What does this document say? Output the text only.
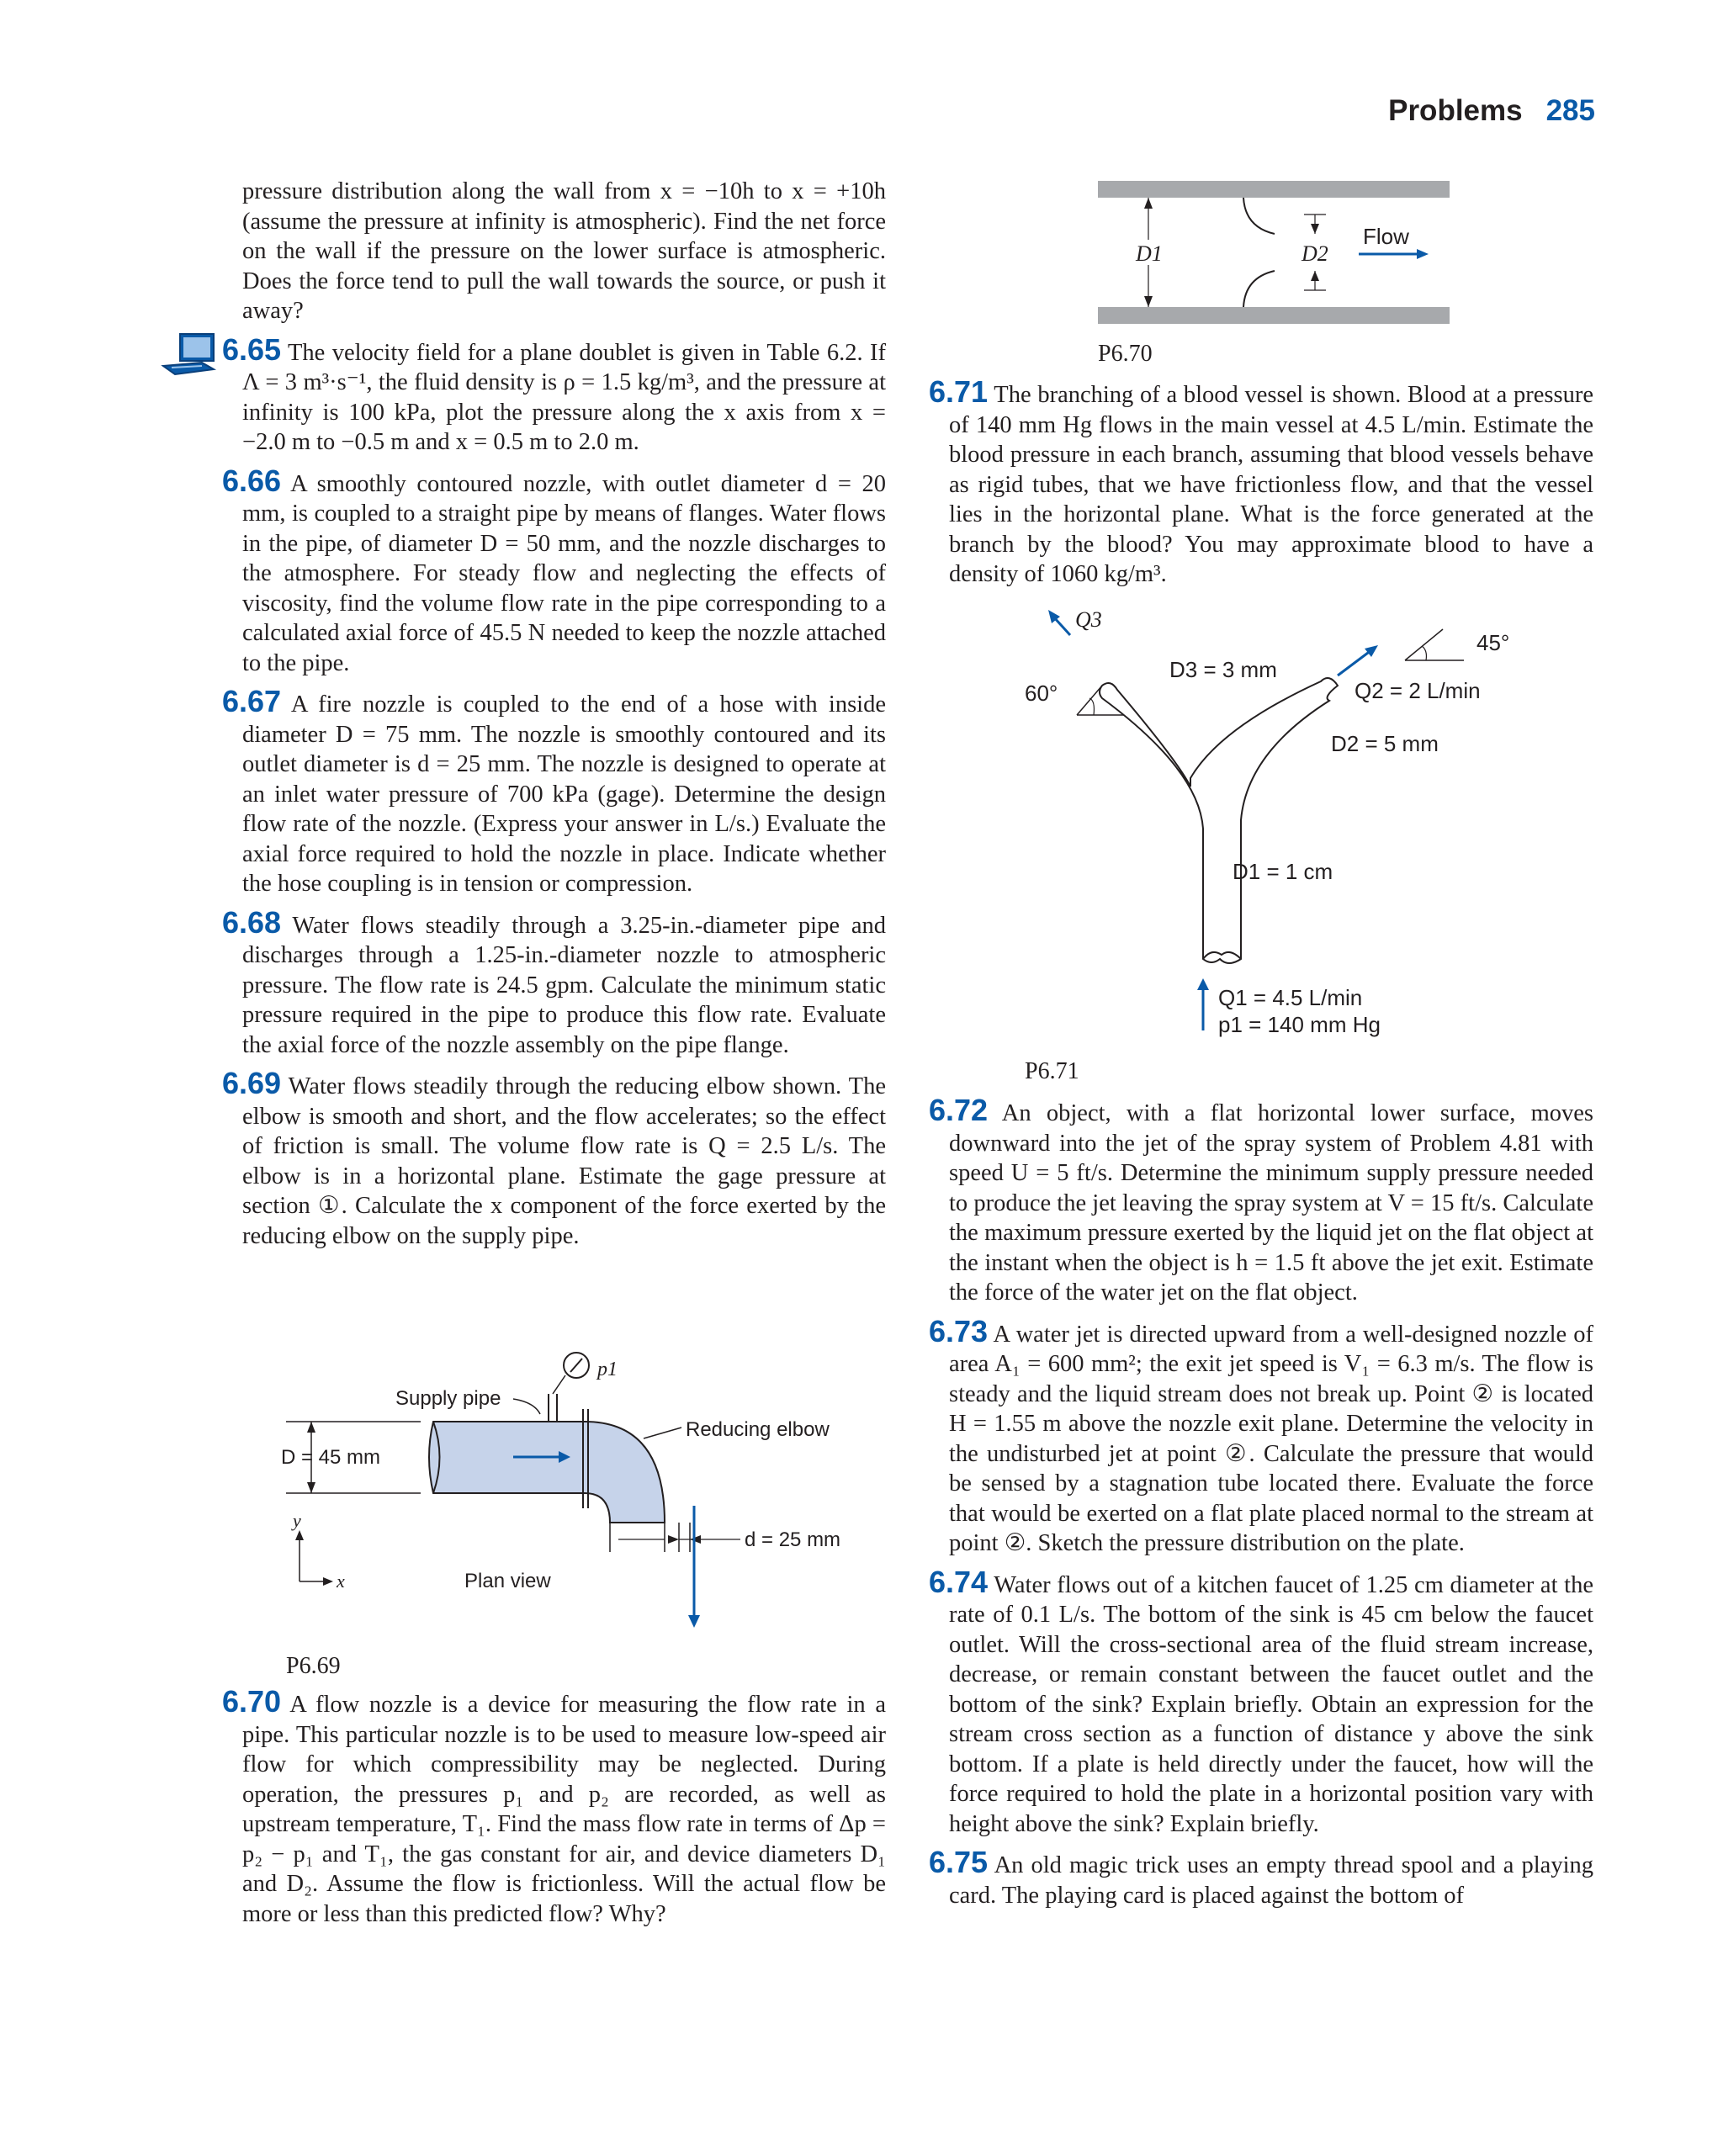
Problems 285

pressure distribution along the wall from x = −10h to x = +10h (assume the pressure at infinity is atmospheric). Find the net force on the wall if the pressure on the lower surface is atmospheric. Does the force tend to pull the wall towards the source, or push it away?

6.65 The velocity field for a plane doublet is given in Table 6.2. If Λ = 3 m³·s⁻¹, the fluid density is ρ = 1.5 kg/m³, and the pressure at infinity is 100 kPa, plot the pressure along the x axis from x = −2.0 m to −0.5 m and x = 0.5 m to 2.0 m.

6.66 A smoothly contoured nozzle, with outlet diameter d = 20 mm, is coupled to a straight pipe by means of flanges. Water flows in the pipe, of diameter D = 50 mm, and the nozzle discharges to the atmosphere. For steady flow and neglecting the effects of viscosity, find the volume flow rate in the pipe corresponding to a calculated axial force of 45.5 N needed to keep the nozzle attached to the pipe.

6.67 A fire nozzle is coupled to the end of a hose with inside diameter D = 75 mm. The nozzle is smoothly contoured and its outlet diameter is d = 25 mm. The nozzle is designed to operate at an inlet water pressure of 700 kPa (gage). Determine the design flow rate of the nozzle. (Express your answer in L/s.) Evaluate the axial force required to hold the nozzle in place. Indicate whether the hose coupling is in tension or compression.

6.68 Water flows steadily through a 3.25-in.-diameter pipe and discharges through a 1.25-in.-diameter nozzle to atmospheric pressure. The flow rate is 24.5 gpm. Calculate the minimum static pressure required in the pipe to produce this flow rate. Evaluate the axial force of the nozzle assembly on the pipe flange.

6.69 Water flows steadily through the reducing elbow shown. The elbow is smooth and short, and the flow accelerates; so the effect of friction is small. The volume flow rate is Q = 2.5 L/s. The elbow is in a horizontal plane. Estimate the gage pressure at section ①. Calculate the x component of the force exerted by the reducing elbow on the supply pipe.

D = 45 mm
p1
Supply pipe
Reducing elbow
d = 25 mm
y
x	Plan view
P6.69

6.70 A flow nozzle is a device for measuring the flow rate in a pipe. This particular nozzle is to be used to measure low-speed air flow for which compressibility may be neglected. During operation, the pressures p₁ and p₂ are recorded, as well as upstream temperature, T₁. Find the mass flow rate in terms of Δp = p₂ − p₁ and T₁, the gas constant for air, and device diameters D₁ and D₂. Assume the flow is frictionless. Will the actual flow be more or less than this predicted flow? Why?

D1	D2
Flow
P6.70

6.71 The branching of a blood vessel is shown. Blood at a pressure of 140 mm Hg flows in the main vessel at 4.5 L/min. Estimate the blood pressure in each branch, assuming that blood vessels behave as rigid tubes, that we have frictionless flow, and that the vessel lies in the horizontal plane. What is the force generated at the branch by the blood? You may approximate blood to have a density of 1060 kg/m³.

Q3
60°
D3 = 3 mm
45°
Q2 = 2 L/min
D2 = 5 mm
D1 = 1 cm
Q1 = 4.5 L/min
p1 = 140 mm Hg
P6.71

6.72 An object, with a flat horizontal lower surface, moves downward into the jet of the spray system of Problem 4.81 with speed U = 5 ft/s. Determine the minimum supply pressure needed to produce the jet leaving the spray system at V = 15 ft/s. Calculate the maximum pressure exerted by the liquid jet on the flat object at the instant when the object is h = 1.5 ft above the jet exit. Estimate the force of the water jet on the flat object.

6.73 A water jet is directed upward from a well-designed nozzle of area A₁ = 600 mm²; the exit jet speed is V₁ = 6.3 m/s. The flow is steady and the liquid stream does not break up. Point ② is located H = 1.55 m above the nozzle exit plane. Determine the velocity in the undisturbed jet at point ②. Calculate the pressure that would be sensed by a stagnation tube located there. Evaluate the force that would be exerted on a flat plate placed normal to the stream at point ②. Sketch the pressure distribution on the plate.

6.74 Water flows out of a kitchen faucet of 1.25 cm diameter at the rate of 0.1 L/s. The bottom of the sink is 45 cm below the faucet outlet. Will the cross-sectional area of the fluid stream increase, decrease, or remain constant between the faucet outlet and the bottom of the sink? Explain briefly. Obtain an expression for the stream cross section as a function of distance y above the sink bottom. If a plate is held directly under the faucet, how will the force required to hold the plate in a horizontal position vary with height above the sink? Explain briefly.

6.75 An old magic trick uses an empty thread spool and a playing card. The playing card is placed against the bottom of
